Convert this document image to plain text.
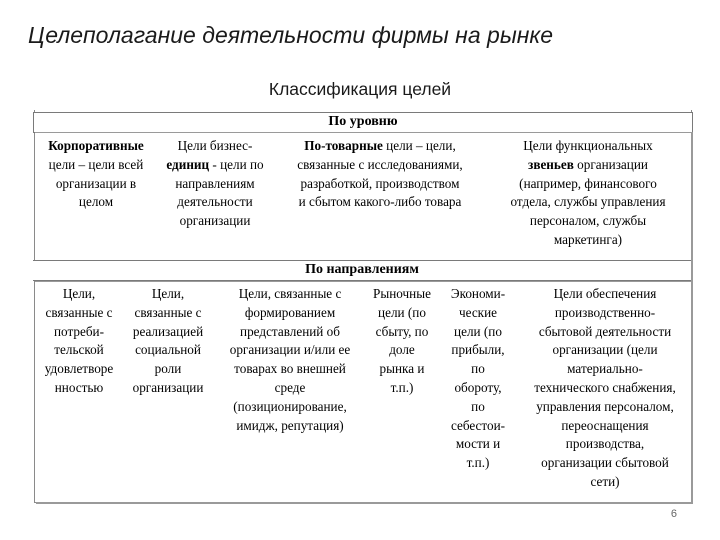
Целеполагание деятельности фирмы на рынке
Классификация целей
По уровню
Корпоративные
цели – цели всей
организации в
целом
Цели бизнес-
единиц - цели по
направлениям
деятельности
организации
По-товарные цели – цели,
связанные с исследованиями,
разработкой, производством
и сбытом какого-либо товара
Цели функциональных
звеньев организации
(например, финансового
отдела, службы управления
персоналом, службы
маркетинга)
По направлениям
Цели,
связанные с
потреби-
тельской
удовлетворе
нностью
Цели,
связанные с
реализацией
социальной
роли
организации
Цели, связанные с
формированием
представлений об
организации и/или ее
товарах во внешней
среде
(позиционирование,
имидж, репутация)
Рыночные
цели (по
сбыту, по
доле
рынка и
т.п.)
Экономи-
ческие
цели (по
прибыли,
по
обороту,
по
себестои-
мости и
т.п.)
Цели обеспечения
производственно-
сбытовой деятельности
организации (цели
материально-
технического снабжения,
управления персоналом,
переоснащения
производства,
организации сбытовой
сети)
6
